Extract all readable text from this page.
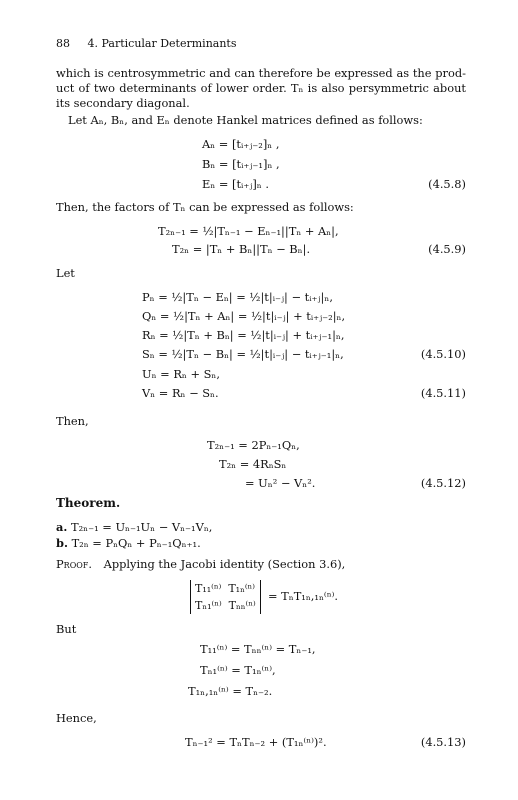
88 4. Particular Determinants
which is centrosymmetric and can therefore be expressed as the prod-
uct of two determinants of lower order. Tₙ is also persymmetric about
its secondary diagonal.
Let Aₙ, Bₙ, and Eₙ denote Hankel matrices defined as follows:
Aₙ = [tᵢ₊ⱼ₋₂]ₙ ,
Bₙ = [tᵢ₊ⱼ₋₁]ₙ ,
Eₙ = [tᵢ₊ⱼ]ₙ .	(4.5.8)
Then, the factors of Tₙ can be expressed as follows:
T₂ₙ₋₁ = ½|Tₙ₋₁ − Eₙ₋₁||Tₙ + Aₙ|,
T₂ₙ = |Tₙ + Bₙ||Tₙ − Bₙ|.	(4.5.9)
Let
Pₙ = ½|Tₙ − Eₙ| = ½|t|ᵢ₋ⱼ| − tᵢ₊ⱼ|ₙ,
Qₙ = ½|Tₙ + Aₙ| = ½|t|ᵢ₋ⱼ| + tᵢ₊ⱼ₋₂|ₙ,
Rₙ = ½|Tₙ + Bₙ| = ½|t|ᵢ₋ⱼ| + tᵢ₊ⱼ₋₁|ₙ,
Sₙ = ½|Tₙ − Bₙ| = ½|t|ᵢ₋ⱼ| − tᵢ₊ⱼ₋₁|ₙ,	(4.5.10)
Uₙ = Rₙ + Sₙ,
Vₙ = Rₙ − Sₙ.	(4.5.11)
Then,
T₂ₙ₋₁ = 2Pₙ₋₁Qₙ,
T₂ₙ = 4RₙSₙ
= Uₙ² − Vₙ².	(4.5.12)
Theorem.
a. T₂ₙ₋₁ = Uₙ₋₁Uₙ − Vₙ₋₁Vₙ,
b. T₂ₙ = PₙQₙ + Pₙ₋₁Qₙ₊₁.
Proof. Applying the Jacobi identity (Section 3.6),
T₁₁⁽ⁿ⁾ T₁ₙ⁽ⁿ⁾
Tₙ₁⁽ⁿ⁾ Tₙₙ⁽ⁿ⁾
= TₙT₁ₙ,₁ₙ⁽ⁿ⁾.
But
T₁₁⁽ⁿ⁾ = Tₙₙ⁽ⁿ⁾ = Tₙ₋₁,
Tₙ₁⁽ⁿ⁾ = T₁ₙ⁽ⁿ⁾,
T₁ₙ,₁ₙ⁽ⁿ⁾ = Tₙ₋₂.
Hence,
Tₙ₋₁² = TₙTₙ₋₂ + (T₁ₙ⁽ⁿ⁾)².	(4.5.13)
